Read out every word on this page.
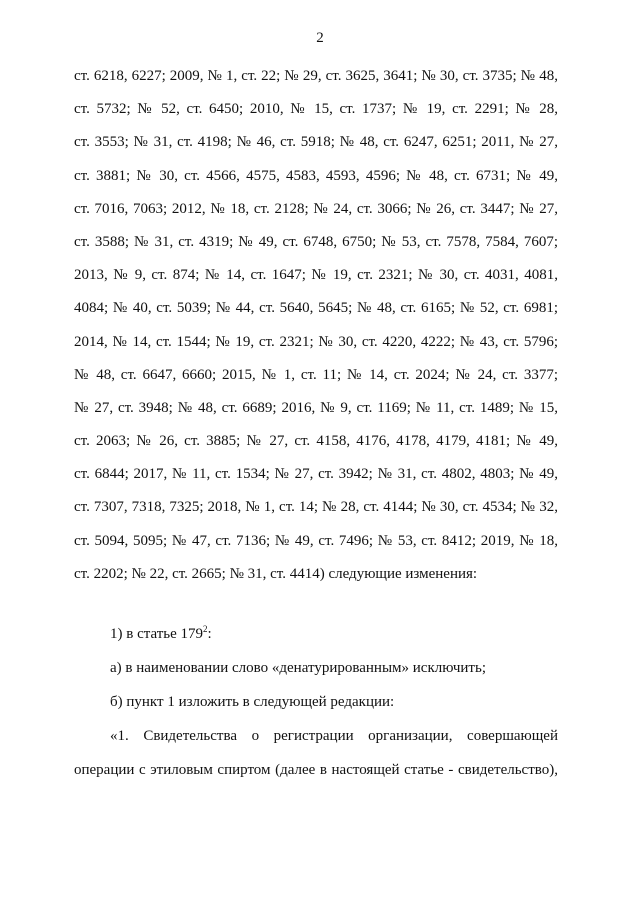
2
ст. 6218, 6227; 2009, № 1, ст. 22; № 29, ст. 3625, 3641; № 30, ст. 3735; № 48,
ст. 5732; № 52, ст. 6450; 2010, № 15, ст. 1737; № 19, ст. 2291; № 28,
ст. 3553; № 31, ст. 4198; № 46, ст. 5918; № 48, ст. 6247, 6251; 2011, № 27,
ст. 3881; № 30, ст. 4566, 4575, 4583, 4593, 4596; № 48, ст. 6731; № 49,
ст. 7016, 7063; 2012, № 18, ст. 2128; № 24, ст. 3066; № 26, ст. 3447; № 27,
ст. 3588; № 31, ст. 4319; № 49, ст. 6748, 6750; № 53, ст. 7578, 7584, 7607;
2013, № 9, ст. 874; № 14, ст. 1647; № 19, ст. 2321; № 30, ст. 4031, 4081,
4084; № 40, ст. 5039; № 44, ст. 5640, 5645; № 48, ст. 6165; № 52, ст. 6981;
2014, № 14, ст. 1544; № 19, ст. 2321; № 30, ст. 4220, 4222; № 43, ст. 5796;
№ 48, ст. 6647, 6660; 2015, № 1, ст. 11; № 14, ст. 2024; № 24, ст. 3377;
№ 27, ст. 3948; № 48, ст. 6689; 2016, № 9, ст. 1169; № 11, ст. 1489; № 15,
ст. 2063; № 26, ст. 3885; № 27, ст. 4158, 4176, 4178, 4179, 4181; № 49,
ст. 6844; 2017, № 11, ст. 1534; № 27, ст. 3942; № 31, ст. 4802, 4803; № 49,
ст. 7307, 7318, 7325; 2018, № 1, ст. 14; № 28, ст. 4144; № 30, ст. 4534; № 32,
ст. 5094, 5095; № 47, ст. 7136; № 49, ст. 7496; № 53, ст. 8412; 2019, № 18,
ст. 2202; № 22, ст. 2665; № 31, ст. 4414) следующие изменения:
1) в статье $179^2$:
а) в наименовании слово «денатурированным» исключить;
б) пункт 1 изложить в следующей редакции:
«1. Свидетельства о регистрации организации, совершающей
операции с этиловым спиртом (далее в настоящей статье - свидетельство),
